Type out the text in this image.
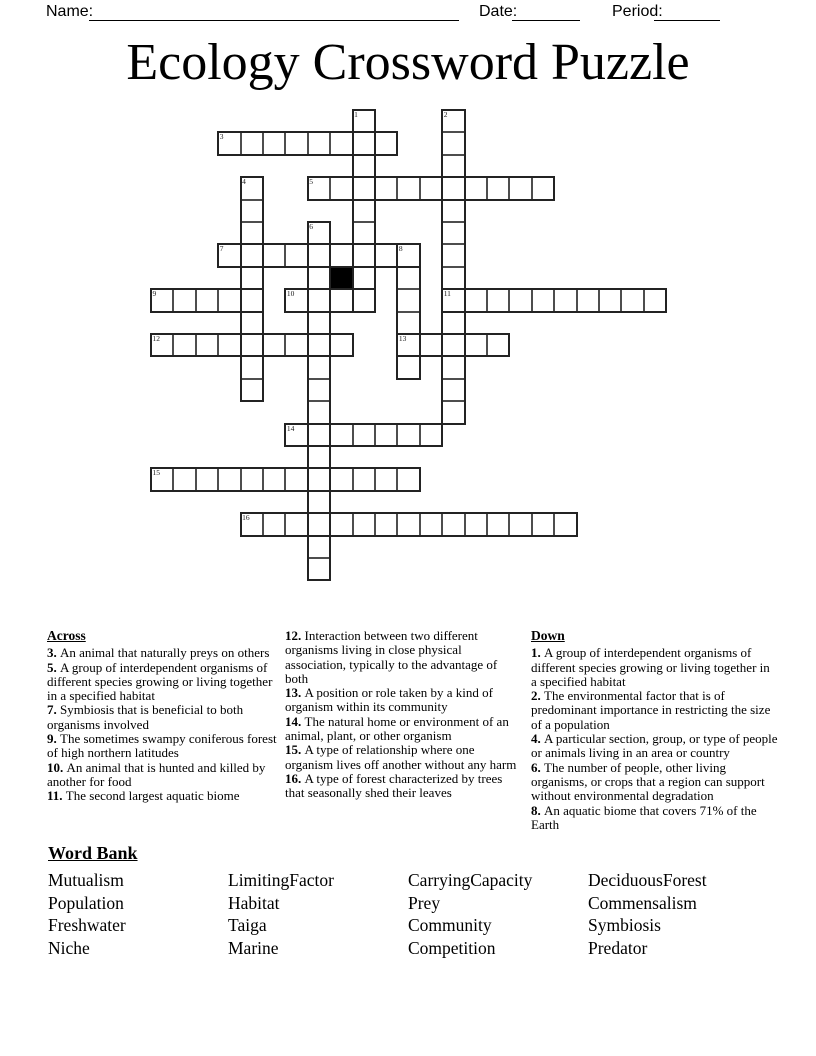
Name:	Date:	Period:
Ecology Crossword Puzzle
1	2
3
4	5
6
7	8
9	10	11
12	13
14
15
16

Across

3. An animal that naturally preys on others

5. A group of interdependent organisms of different species growing or living together in a specified habitat

7. Symbiosis that is beneficial to both organisms involved

9. The sometimes swampy coniferous forest of high northern latitudes

10. An animal that is hunted and killed by another for food

11. The second largest aquatic biome

12. Interaction between two different organisms living in close physical association, typically to the advantage of both

13. A position or role taken by a kind of organism within its community

14. The natural home or environment of an animal, plant, or other organism

15. A type of relationship where one organism lives off another without any harm

16. A type of forest characterized by trees that seasonally shed their leaves

Down

1. A group of interdependent organisms of different species growing or living together in a specified habitat

2. The environmental factor that is of predominant importance in restricting the size of a population

4. A particular section, group, or type of people or animals living in an area or country

6. The number of people, other living organisms, or crops that a region can support without environmental degradation

8. An aquatic biome that covers 71% of the Earth

Word Bank

Mutualism	LimitingFactor	CarryingCapacity	DeciduousForest
Population	Habitat	Prey	Commensalism
Freshwater	Taiga	Community	Symbiosis
Niche	Marine	Competition	Predator
